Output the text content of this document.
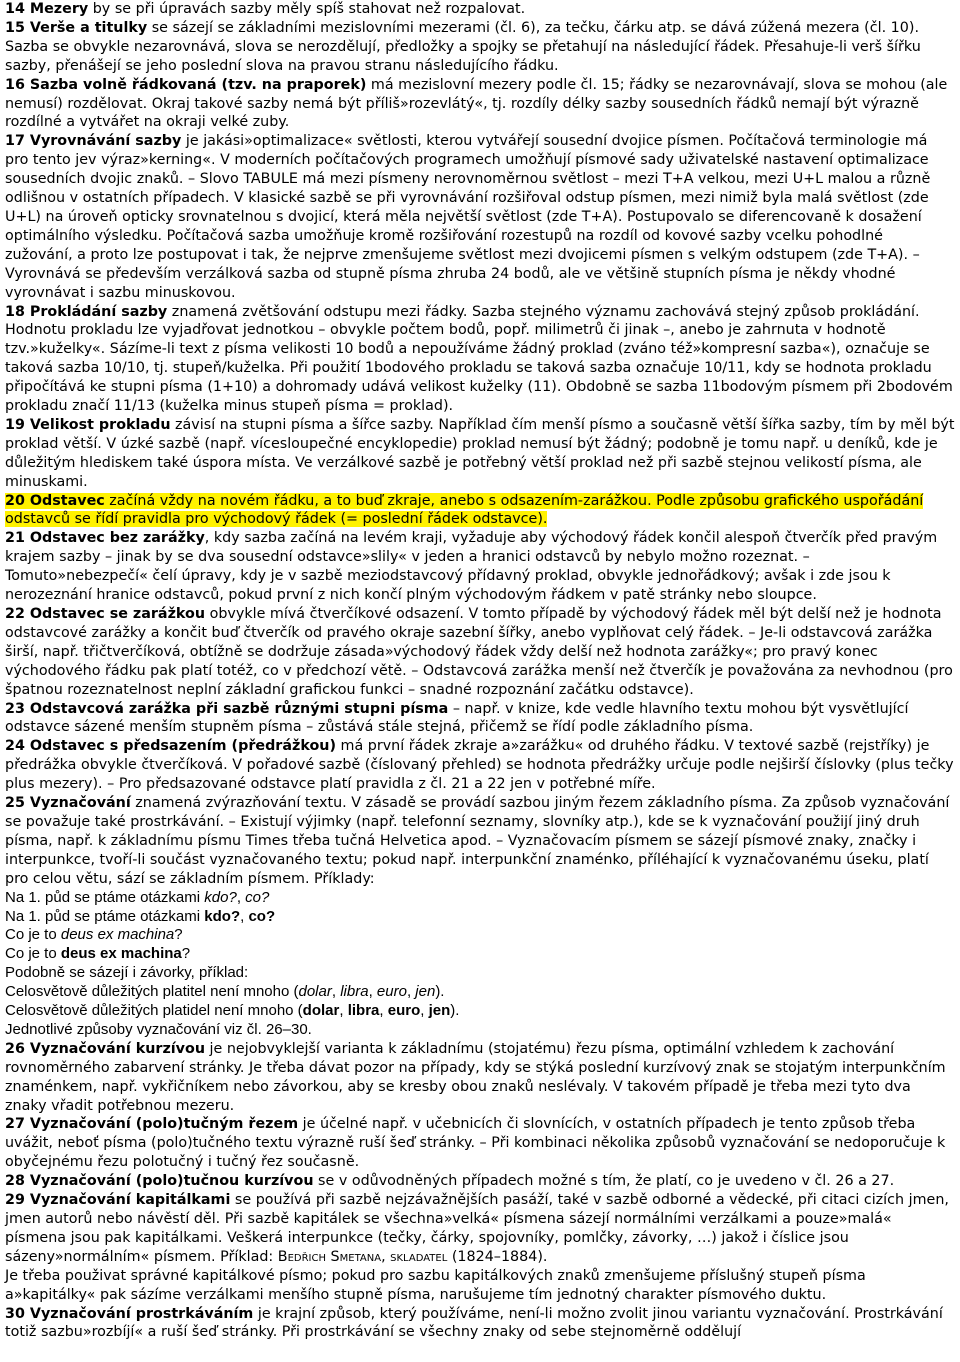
14 Mezery by se při úpravách sazby měly spíš stahovat než rozpalovat.

15 Verše a titulky se sázejí se základními mezislovními mezerami (čl. 6), za tečku, čárku atp. se dává zúžená mezera (čl. 10). Sazba se obvykle nezarovnává, slova se nerozdělují, předložky a spojky se přetahují na následující řádek. Přesahuje-li verš šířku sazby, přenášejí se jeho poslední slova na pravou stranu následujícího řádku.

16 Sazba volně řádkovaná (tzv. na praporek) má mezislovní mezery podle čl. 15; řádky se nezarovnávají, slova se mohou (ale nemusí) rozdělovat. Okraj takové sazby nemá být příliš»rozevlátý«, tj. rozdíly délky sazby sousedních řádků nemají být výrazně rozdílné a vytvářet na okraji velké zuby.

17 Vyrovnávání sazby je jakási»optimalizace« světlosti, kterou vytvářejí sousední dvojice písmen. Počítačová terminologie má pro tento jev výraz»kerning«. V moderních počítačových programech umožňují písmové sady uživatelské nastavení optimalizace sousedních dvojic znaků. – Slovo TABULE má mezi písmeny nerovnoměrnou světlost – mezi T+A velkou, mezi U+L malou a různě odlišnou v ostatních případech. V klasické sazbě se při vyrovnávání rozšiřoval odstup písmen, mezi nimiž byla malá světlost (zde U+L) na úroveň opticky srovnatelnou s dvojicí, která měla největší světlost (zde T+A). Postupovalo se diferencovaně k dosažení optimálního výsledku. Počítačová sazba umožňuje kromě rozšiřování rozestupů na rozdíl od kovové sazby vcelku pohodlné zužování, a proto lze postupovat i tak, že nejprve zmenšujeme světlost mezi dvojicemi písmen s velkým odstupem (zde T+A). – Vyrovnává se především verzálková sazba od stupně písma zhruba 24 bodů, ale ve většině stupních písma je někdy vhodné vyrovnávat i sazbu minuskovou.

18 Prokládání sazby znamená zvětšování odstupu mezi řádky. Sazba stejného významu zachovává stejný způsob prokládání. Hodnotu prokladu lze vyjadřovat jednotkou – obvykle počtem bodů, popř. milimetrů či jinak –, anebo je zahrnuta v hodnotě tzv.»kuželky«. Sázíme-li text z písma velikosti 10 bodů a nepoužíváme žádný proklad (zváno též»kompresní sazba«), označuje se taková sazba 10/10, tj. stupeň/kuželka. Při použití 1bodového prokladu se taková sazba označuje 10/11, kdy se hodnota prokladu připočítává ke stupni písma (1+10) a dohromady udává velikost kuželky (11). Obdobně se sazba 11bodovým písmem při 2bodovém prokladu značí 11/13 (kuželka minus stupeň písma = proklad).

19 Velikost prokladu závisí na stupni písma a šířce sazby. Například čím menší písmo a současně větší šířka sazby, tím by měl být proklad větší. V úzké sazbě (např. vícesloupečné encyklopedie) proklad nemusí být žádný; podobně je tomu např. u deníků, kde je důležitým hlediskem také úspora místa. Ve verzálkové sazbě je potřebný větší proklad než při sazbě stejnou velikostí písma, ale minuskami.

20 Odstavec začíná vždy na novém řádku, a to buď zkraje, anebo s odsazením-zarážkou. Podle způsobu grafického uspořádání odstavců se řídí pravidla pro východový řádek (= poslední řádek odstavce).

21 Odstavec bez zarážky, kdy sazba začíná na levém kraji, vyžaduje aby východový řádek končil alespoň čtverčík před pravým krajem sazby – jinak by se dva sousední odstavce»slily« v jeden a hranici odstavců by nebylo možno rozeznat. – Tomuto»nebezpečí« čelí úpravy, kdy je v sazbě meziodstavcový přídavný proklad, obvykle jednořádkový; avšak i zde jsou k nerozeznání hranice odstavců, pokud první z nich končí plným východovým řádkem v patě stránky nebo sloupce.

22 Odstavec se zarážkou obvykle mívá čtverčíkové odsazení. V tomto případě by východový řádek měl být delší než je hodnota odstavcové zarážky a končit buď čtverčík od pravého okraje sazební šířky, anebo vyplňovat celý řádek. – Je-li odstavcová zarážka širší, např. třičtverčíková, obtížně se dodržuje zásada»východový řádek vždy delší než hodnota zarážky«; pro pravý konec východového řádku pak platí totéž, co v předchozí větě. – Odstavcová zarážka menší než čtverčík je považována za nevhodnou (pro špatnou rozeznatelnost neplní základní grafickou funkci – snadné rozpoznání začátku odstavce).

23 Odstavcová zarážka při sazbě různými stupni písma – např. v knize, kde vedle hlavního textu mohou být vysvětlující odstavce sázené menším stupněm písma – zůstává stále stejná, přičemž se řídí podle základního písma.

24 Odstavec s předsazením (předrážkou) má první řádek zkrajе a»zarážku« od druhého řádku. V textové sazbě (rejstříky) je předrážka obvykle čtverčíková. V pořadové sazbě (číslovaný přehled) se hodnota předrážky určuje podle nejširší číslovky (plus tečky plus mezery). – Pro předsazované odstavce platí pravidla z čl. 21 a 22 jen v potřebné míře.

25 Vyznačování znamená zvýrazňování textu. V zásadě se provádí sazbou jiným řezem základního písma. Za způsob vyznačování se považuje také prostrkávání. – Existují výjimky (např. telefonní seznamy, slovníky atp.), kde se k vyznačování použijí jiný druh písma, např. k základnímu písmu Times třeba tučná Helvetica apod. – Vyznačovacím písmem se sázejí písmové znaky, značky i interpunkce, tvoří-li součást vyznačovaného textu; pokud např. interpunkční znaménko, příléhající k vyznačovanému úseku, platí pro celou větu, sází se základním písmem. Příklady:

Na 1. půd se ptáme otázkami kdo?, co?

Na 1. půd se ptáme otázkami kdo?, co?

Co je to deus ex machina?

Co je to deus ex machina?

Podobně se sázejí i závorky, příklad:

Celosvětově důležitých platitel není mnoho (dolar, libra, euro, jen).

Celosvětově důležitých platidel není mnoho (dolar, libra, euro, jen).

Jednotlivé způsoby vyznačování viz čl. 26–30.

26 Vyznačování kurzívou je nejobvyklejší varianta k základnímu (stojatému) řezu písma, optimální vzhledem k zachování rovnoměrného zabarvení stránky. Je třeba dávat pozor na případy, kdy se stýká poslední kurzívový znak se stojatým interpunkčním znaménkem, např. vykřičníkem nebo závorkou, aby se kresby obou znaků neslévaly. V takovém případě je třeba mezi tyto dva znaky vřadit potřebnou mezeru.

27 Vyznačování (polo)tučným řezem je účelné např. v učebnicích či slovnících, v ostatních případech je tento způsob třeba uvážit, neboť písma (polo)tučného textu výrazně ruší šeď stránky. – Při kombinaci několika způsobů vyznačování se nedoporučuje k obyčejnému řezu polotučný i tučný řez současně.

28 Vyznačování (polo)tučnou kurzívou se v odůvodněných případech možné s tím, že platí, co je uvedeno v čl. 26 a 27.

29 Vyznačování kapitálkami se používá při sazbě nejzávažnějších pasáží, také v sazbě odborné a vědecké, při citaci cizích jmen, jmen autorů nebo návěstí děl. Při sazbě kapitálek se všechna»velká« písmena sázejí normálními verzálkami a pouze»malá« písmena jsou pak kapitálkami. Veškerá interpunkce (tečky, čárky, spojovníky, pomlčky, závorky, …) jakož i číslice jsou sázeny»normálním« písmem. Příklad: Bedřich Smetana, skladatel (1824–1884).

Je třeba použivat správné kapitálkové písmo; pokud pro sazbu kapitálkových znaků zmenšujeme příslušný stupeň písma a»kapitálky« pak sázíme verzálkami menšího stupně písma, narušujeme tím jednotný charakter písmového duktu.

30 Vyznačování prostrkáváním je krajní způsob, který používáme, není-li možno zvolit jinou variantu vyznačování. Prostrkávání totiž sazbu»rozbíjí« a ruší šeď stránky. Při prostrkávání se všechny znaky od sebe stejnoměrně oddělují
